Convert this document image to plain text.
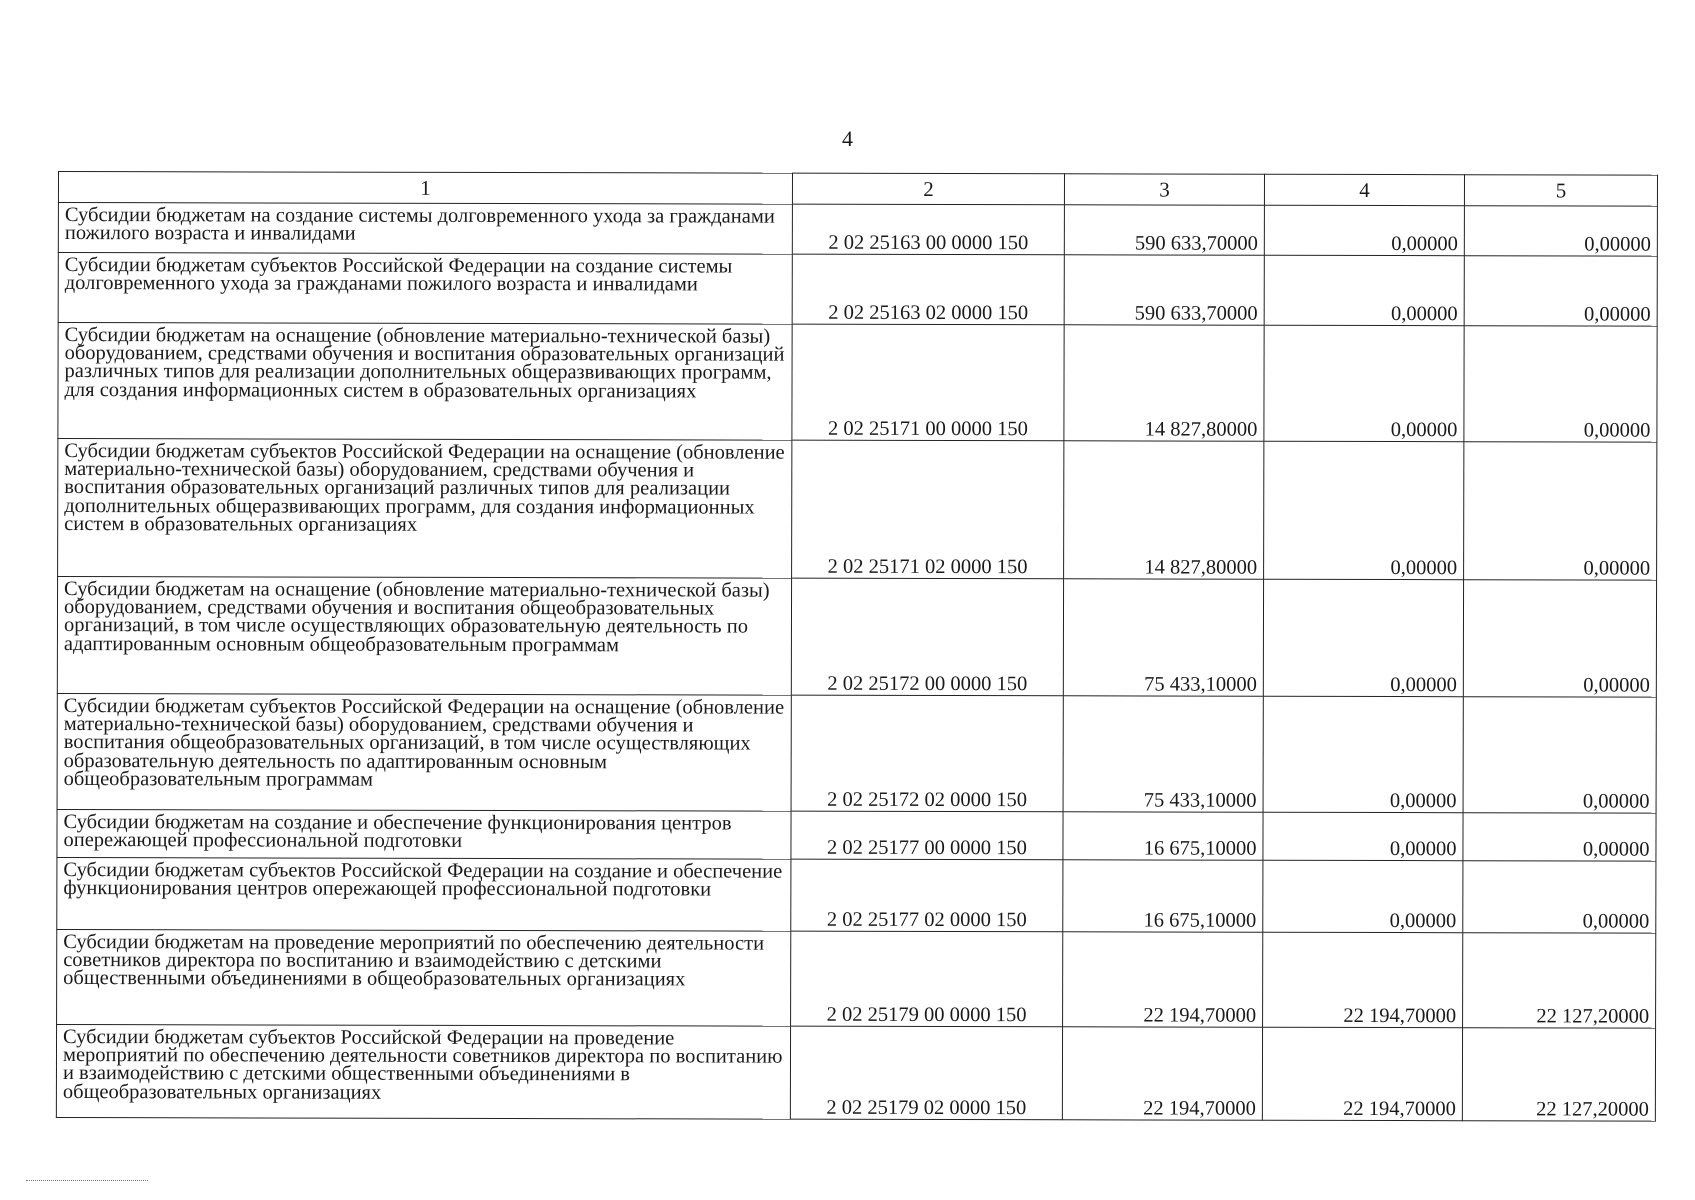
4
1	2	3	4	5
Субсидии бюджетам на создание системы долговременного ухода за гражданами пожилого возраста и инвалидами	2 02 25163 00 0000 150	590 633,70000	0,00000	0,00000
Субсидии бюджетам субъектов Российской Федерации на создание системы долговременного ухода за гражданами пожилого возраста и инвалидами	2 02 25163 02 0000 150	590 633,70000	0,00000	0,00000
Субсидии бюджетам на оснащение (обновление материально-технической базы) оборудованием, средствами обучения и воспитания образовательных организаций различных типов для реализации дополнительных общеразвивающих программ, для создания информационных систем в образовательных организациях	2 02 25171 00 0000 150	14 827,80000	0,00000	0,00000
Субсидии бюджетам субъектов Российской Федерации на оснащение (обновление материально-технической базы) оборудованием, средствами обучения и воспитания образовательных организаций различных типов для реализации дополнительных общеразвивающих программ, для создания информационных систем в образовательных организациях	2 02 25171 02 0000 150	14 827,80000	0,00000	0,00000
Субсидии бюджетам на оснащение (обновление материально-технической базы) оборудованием, средствами обучения и воспитания общеобразовательных организаций, в том числе осуществляющих образовательную деятельность по адаптированным основным общеобразовательным программам	2 02 25172 00 0000 150	75 433,10000	0,00000	0,00000
Субсидии бюджетам субъектов Российской Федерации на оснащение (обновление материально-технической базы) оборудованием, средствами обучения и воспитания общеобразовательных организаций, в том числе осуществляющих образовательную деятельность по адаптированным основным общеобразовательным программам	2 02 25172 02 0000 150	75 433,10000	0,00000	0,00000
Субсидии бюджетам на создание и обеспечение функционирования центров опережающей профессиональной подготовки	2 02 25177 00 0000 150	16 675,10000	0,00000	0,00000
Субсидии бюджетам субъектов Российской Федерации на создание и обеспечение функционирования центров опережающей профессиональной подготовки	2 02 25177 02 0000 150	16 675,10000	0,00000	0,00000
Субсидии бюджетам на проведение мероприятий по обеспечению деятельности советников директора по воспитанию и взаимодействию с детскими общественными объединениями в общеобразовательных организациях	2 02 25179 00 0000 150	22 194,70000	22 194,70000	22 127,20000
Субсидии бюджетам субъектов Российской Федерации на проведение мероприятий по обеспечению деятельности советников директора по воспитанию и взаимодействию с детскими общественными объединениями в общеобразовательных организациях	2 02 25179 02 0000 150	22 194,70000	22 194,70000	22 127,20000
